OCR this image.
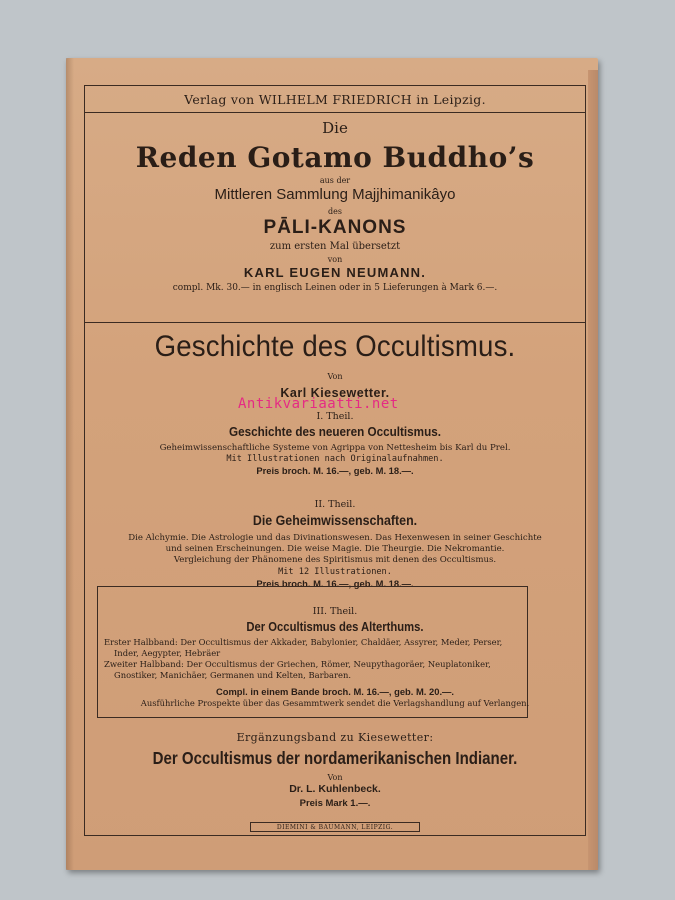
Verlag von WILHELM FRIEDRICH in Leipzig.
Die
Reden Gotamo Buddho’s
aus der
Mittleren Sammlung Majjhimanikâyo
des
PĀLI-KANONS
zum ersten Mal übersetzt
von
KARL EUGEN NEUMANN.
compl. Mk. 30.— in englisch Leinen oder in 5 Lieferungen à Mark 6.—.
Geschichte des Occultismus.
Von
Karl Kiesewetter.
I. Theil.
Geschichte des neueren Occultismus.
Geheimwissenschaftliche Systeme von Agrippa von Nettesheim bis Karl du Prel.
Mit Illustrationen nach Originalaufnahmen.
Preis broch. M. 16.—, geb. M. 18.—.
II. Theil.
Die Geheimwissenschaften.
Die Alchymie. Die Astrologie und das Divinationswesen. Das Hexenwesen in seiner Geschichte
und seinen Erscheinungen. Die weise Magie. Die Theurgie. Die Nekromantie.
Vergleichung der Phänomene des Spiritismus mit denen des Occultismus.
Mit 12 Illustrationen.
Preis broch. M. 16.—, geb. M. 18.—.
III. Theil.
Der Occultismus des Alterthums.
Erster Halbband: Der Occultismus der Akkader, Babylonier, Chaldäer, Assyrer, Meder, Perser,
Inder, Aegypter, Hebräer
Zweiter Halbband: Der Occultismus der Griechen, Römer, Neupythagoräer, Neuplatoniker,
Gnostiker, Manichäer, Germanen und Kelten, Barbaren.
Compl. in einem Bande broch. M. 16.—, geb. M. 20.—.
Ausführliche Prospekte über das Gesammtwerk sendet die Verlagshandlung auf Verlangen.
Ergänzungsband zu Kiesewetter:
Der Occultismus der nordamerikanischen Indianer.
Von
Dr. L. Kuhlenbeck.
Preis Mark 1.—.
DIEMINI & BAUMANN, LEIPZIG.
Antikvariaatti.net
